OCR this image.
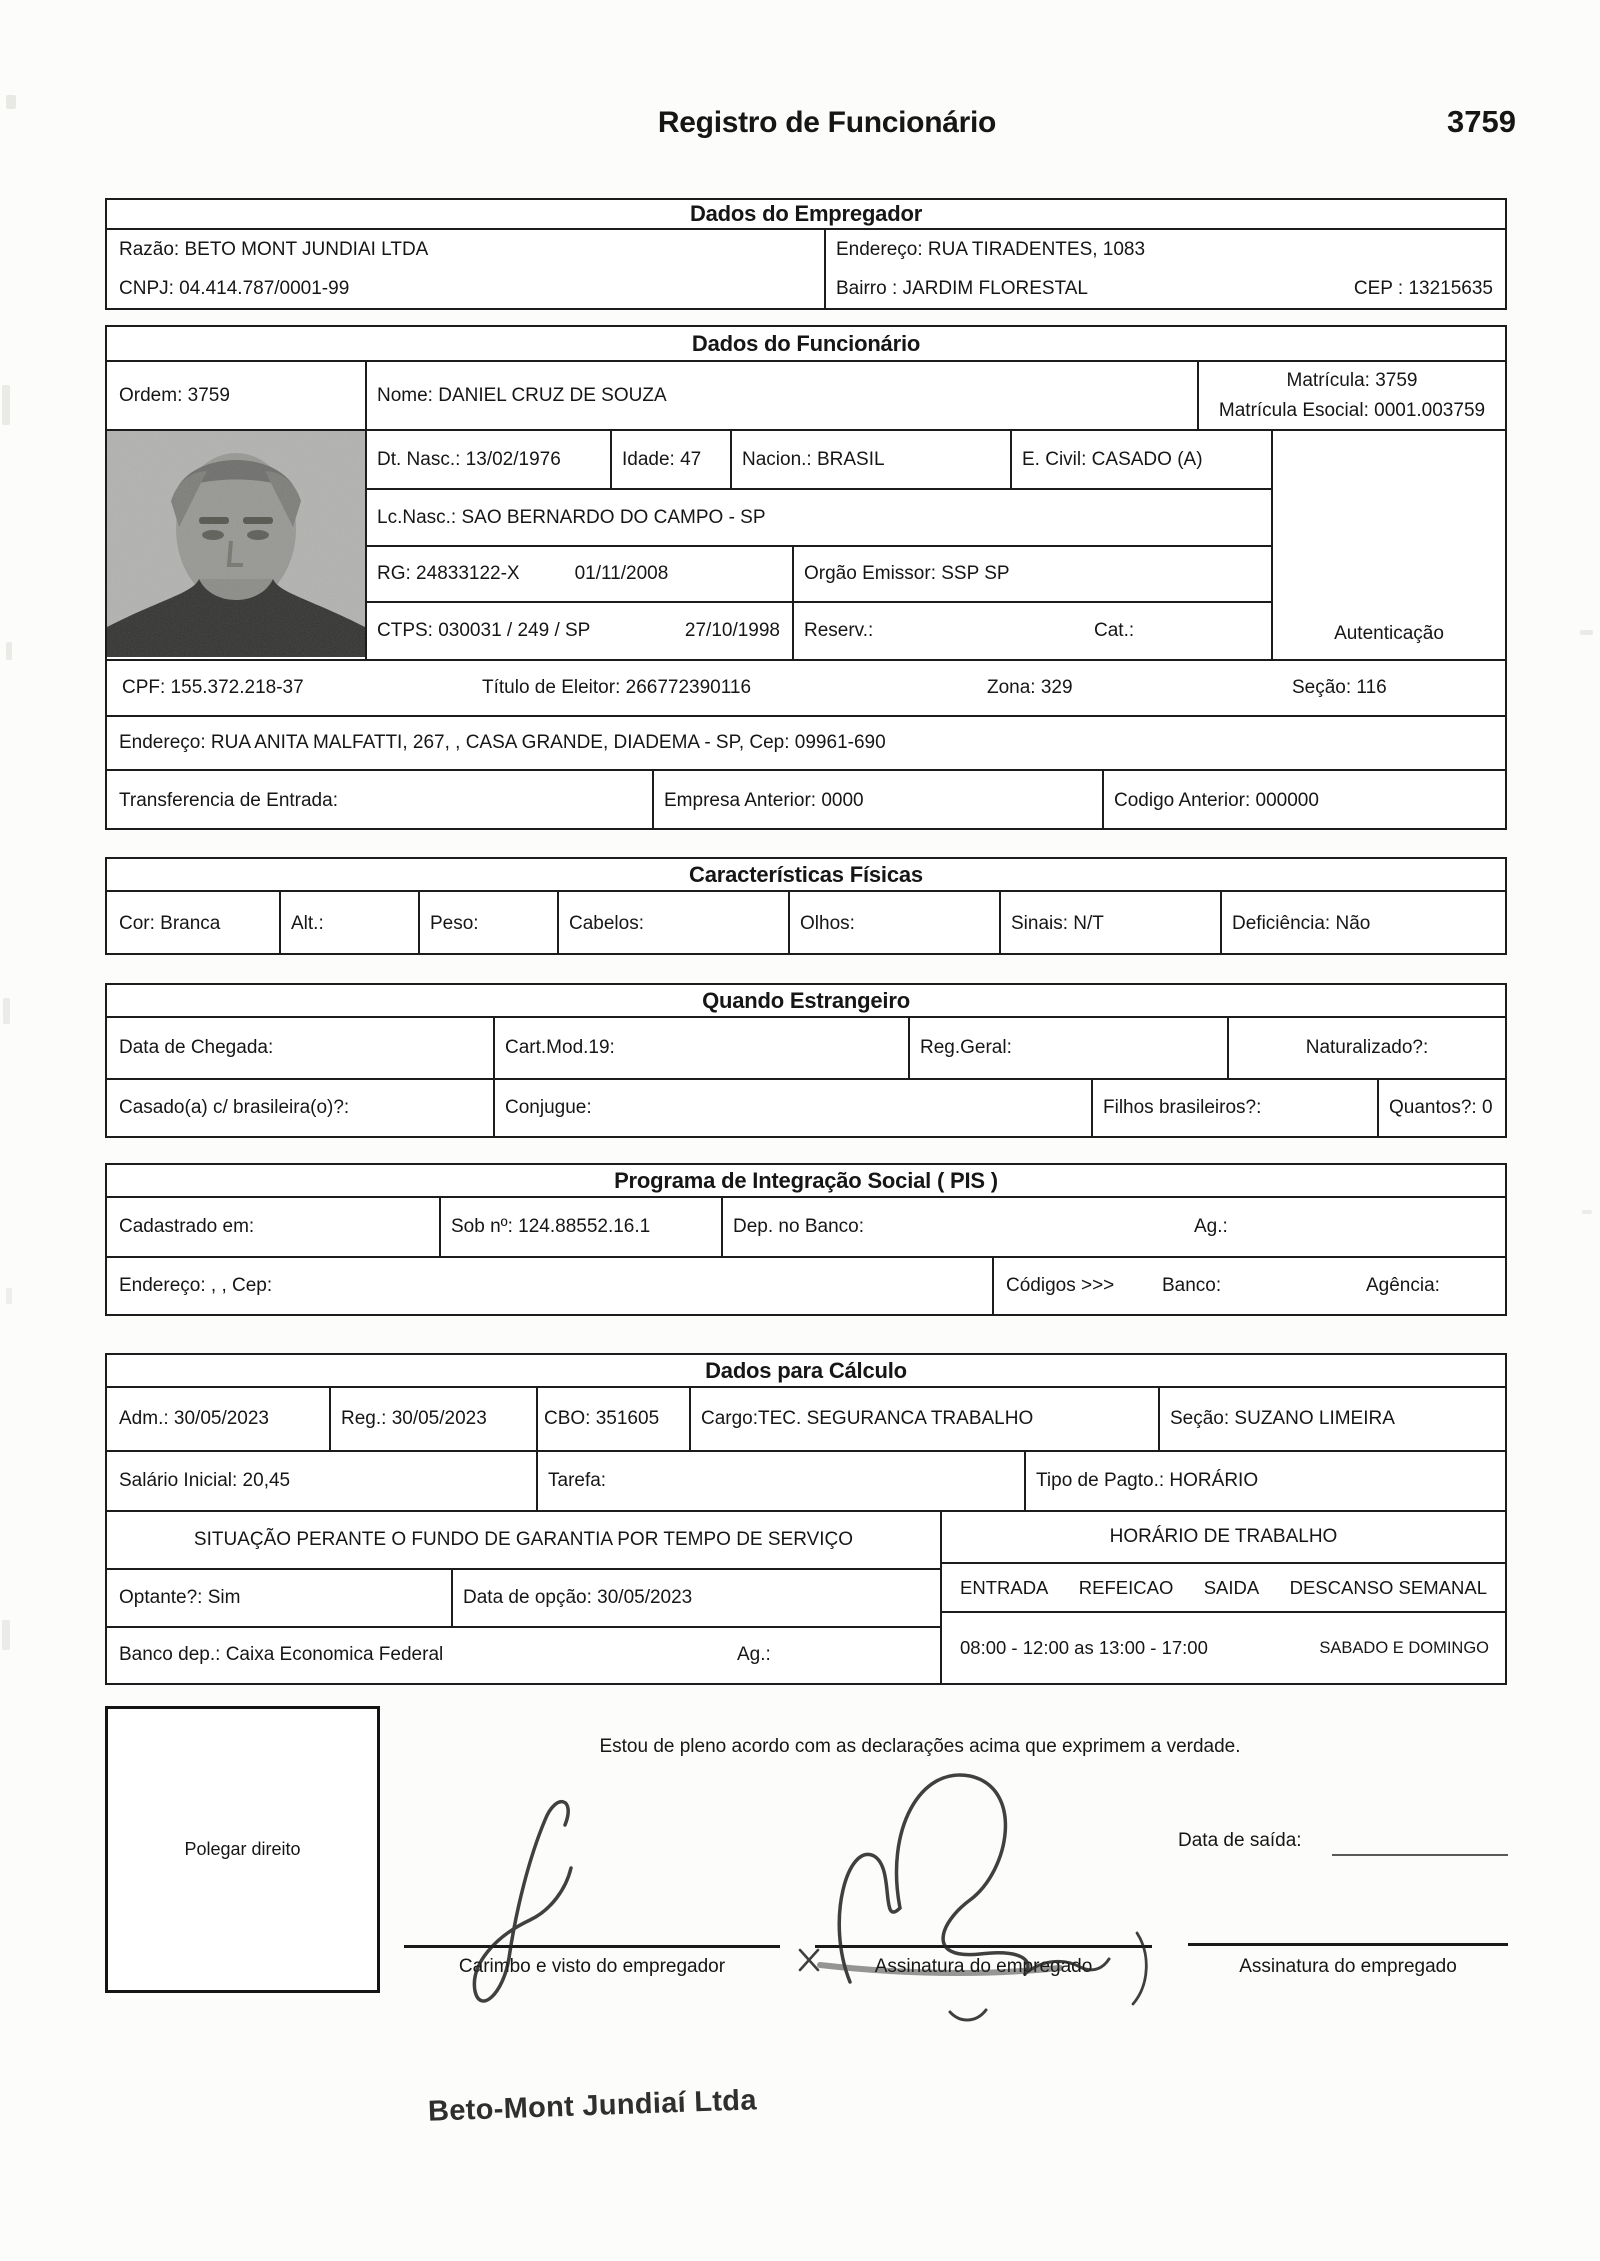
Registro de Funcionário	3759
Dados do Empregador
Razão: BETO MONT JUNDIAI LTDA
CNPJ: 04.414.787/0001-99
Endereço: RUA TIRADENTES, 1083
Bairro : JARDIM FLORESTAL	CEP : 13215635
Dados do Funcionário
Ordem: 3759	Nome: DANIEL CRUZ DE SOUZA
Matrícula: 3759
Matrícula Esocial: 0001.003759
Dt. Nasc.: 13/02/1976	Idade: 47	Nacion.: BRASIL	E. Civil: CASADO (A)
Lc.Nasc.: SAO BERNARDO DO CAMPO - SP
RG: 24833122-X	01/11/2008	Orgão Emissor: SSP SP
CTPS: 030031 / 249 / SP	27/10/1998 Reserv.:	Cat.:	Autenticação
CPF: 155.372.218-37	Título de Eleitor: 266772390116	Zona: 329	Seção: 116
Endereço: RUA ANITA MALFATTI, 267, , CASA GRANDE, DIADEMA - SP, Cep: 09961-690
Transferencia de Entrada:	Empresa Anterior: 0000	Codigo Anterior: 000000
Características Físicas
Cor: Branca	Alt.:	Peso:	Cabelos:	Olhos:	Sinais: N/T	Deficiência: Não
Quando Estrangeiro
Data de Chegada:	Cart.Mod.19:	Reg.Geral:	Naturalizado?:
Casado(a) c/ brasileira(o)?:	Conjugue:	Filhos brasileiros?:	Quantos?: 0
Programa de Integração Social ( PIS )
Cadastrado em:	Sob nº: 124.88552.16.1	Dep. no Banco:	Ag.:
Endereço: , , Cep:	Códigos >>>	Banco:	Agência:
Dados para Cálculo
Adm.: 30/05/2023	Reg.: 30/05/2023	CBO: 351605	Cargo:TEC. SEGURANCA TRABALHO	Seção: SUZANO LIMEIRA
Salário Inicial: 20,45	Tarefa:	Tipo de Pagto.: HORÁRIO
SITUAÇÃO PERANTE O FUNDO DE GARANTIA POR TEMPO DE SERVIÇO
Optante?: Sim	Data de opção: 30/05/2023
Banco dep.: Caixa Economica Federal	Ag.:
HORÁRIO DE TRABALHO
ENTRADA REFEICAO SAIDA DESCANSO SEMANAL
08:00 - 12:00 as 13:00 - 17:00	SABADO E DOMINGO
Polegar direito
Estou de pleno acordo com as declarações acima que exprimem a verdade.
Data de saída:
Carimbo e visto do empregador	Assinatura do empregado	Assinatura do empregado
Beto-Mont Jundiaí Ltda
